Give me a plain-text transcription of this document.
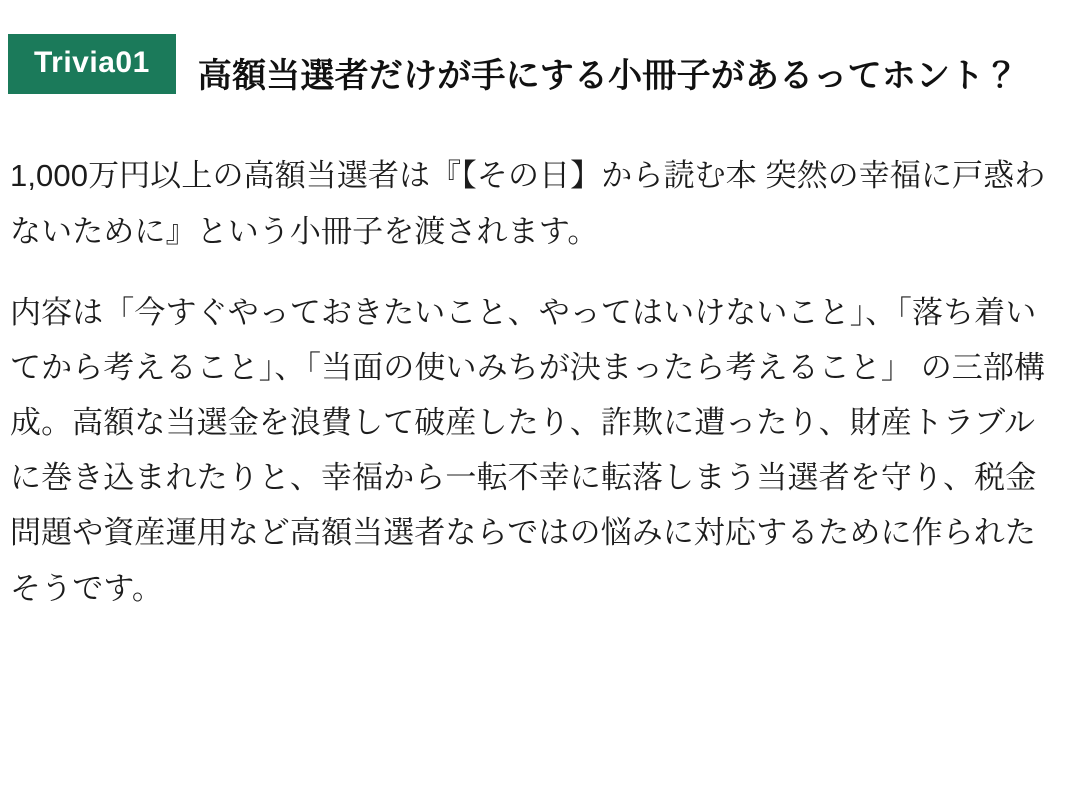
Trivia01	高額当選者だけが手にする小冊子があるってホント？

1,000万円以上の高額当選者は『【その日】から読む本 突然の幸福に戸惑わないために』という小冊子を渡されます。

内容は「今すぐやっておきたいこと、やってはいけないこと」、「落ち着いてから考えること」、「当面の使いみちが決まったら考えること」 の三部構成。高額な当選金を浪費して破産したり、詐欺に遭ったり、財産トラブルに巻き込まれたりと、幸福から一転不幸に転落しまう当選者を守り、税金問題や資産運用など高額当選者ならではの悩みに対応するために作られたそうです。
